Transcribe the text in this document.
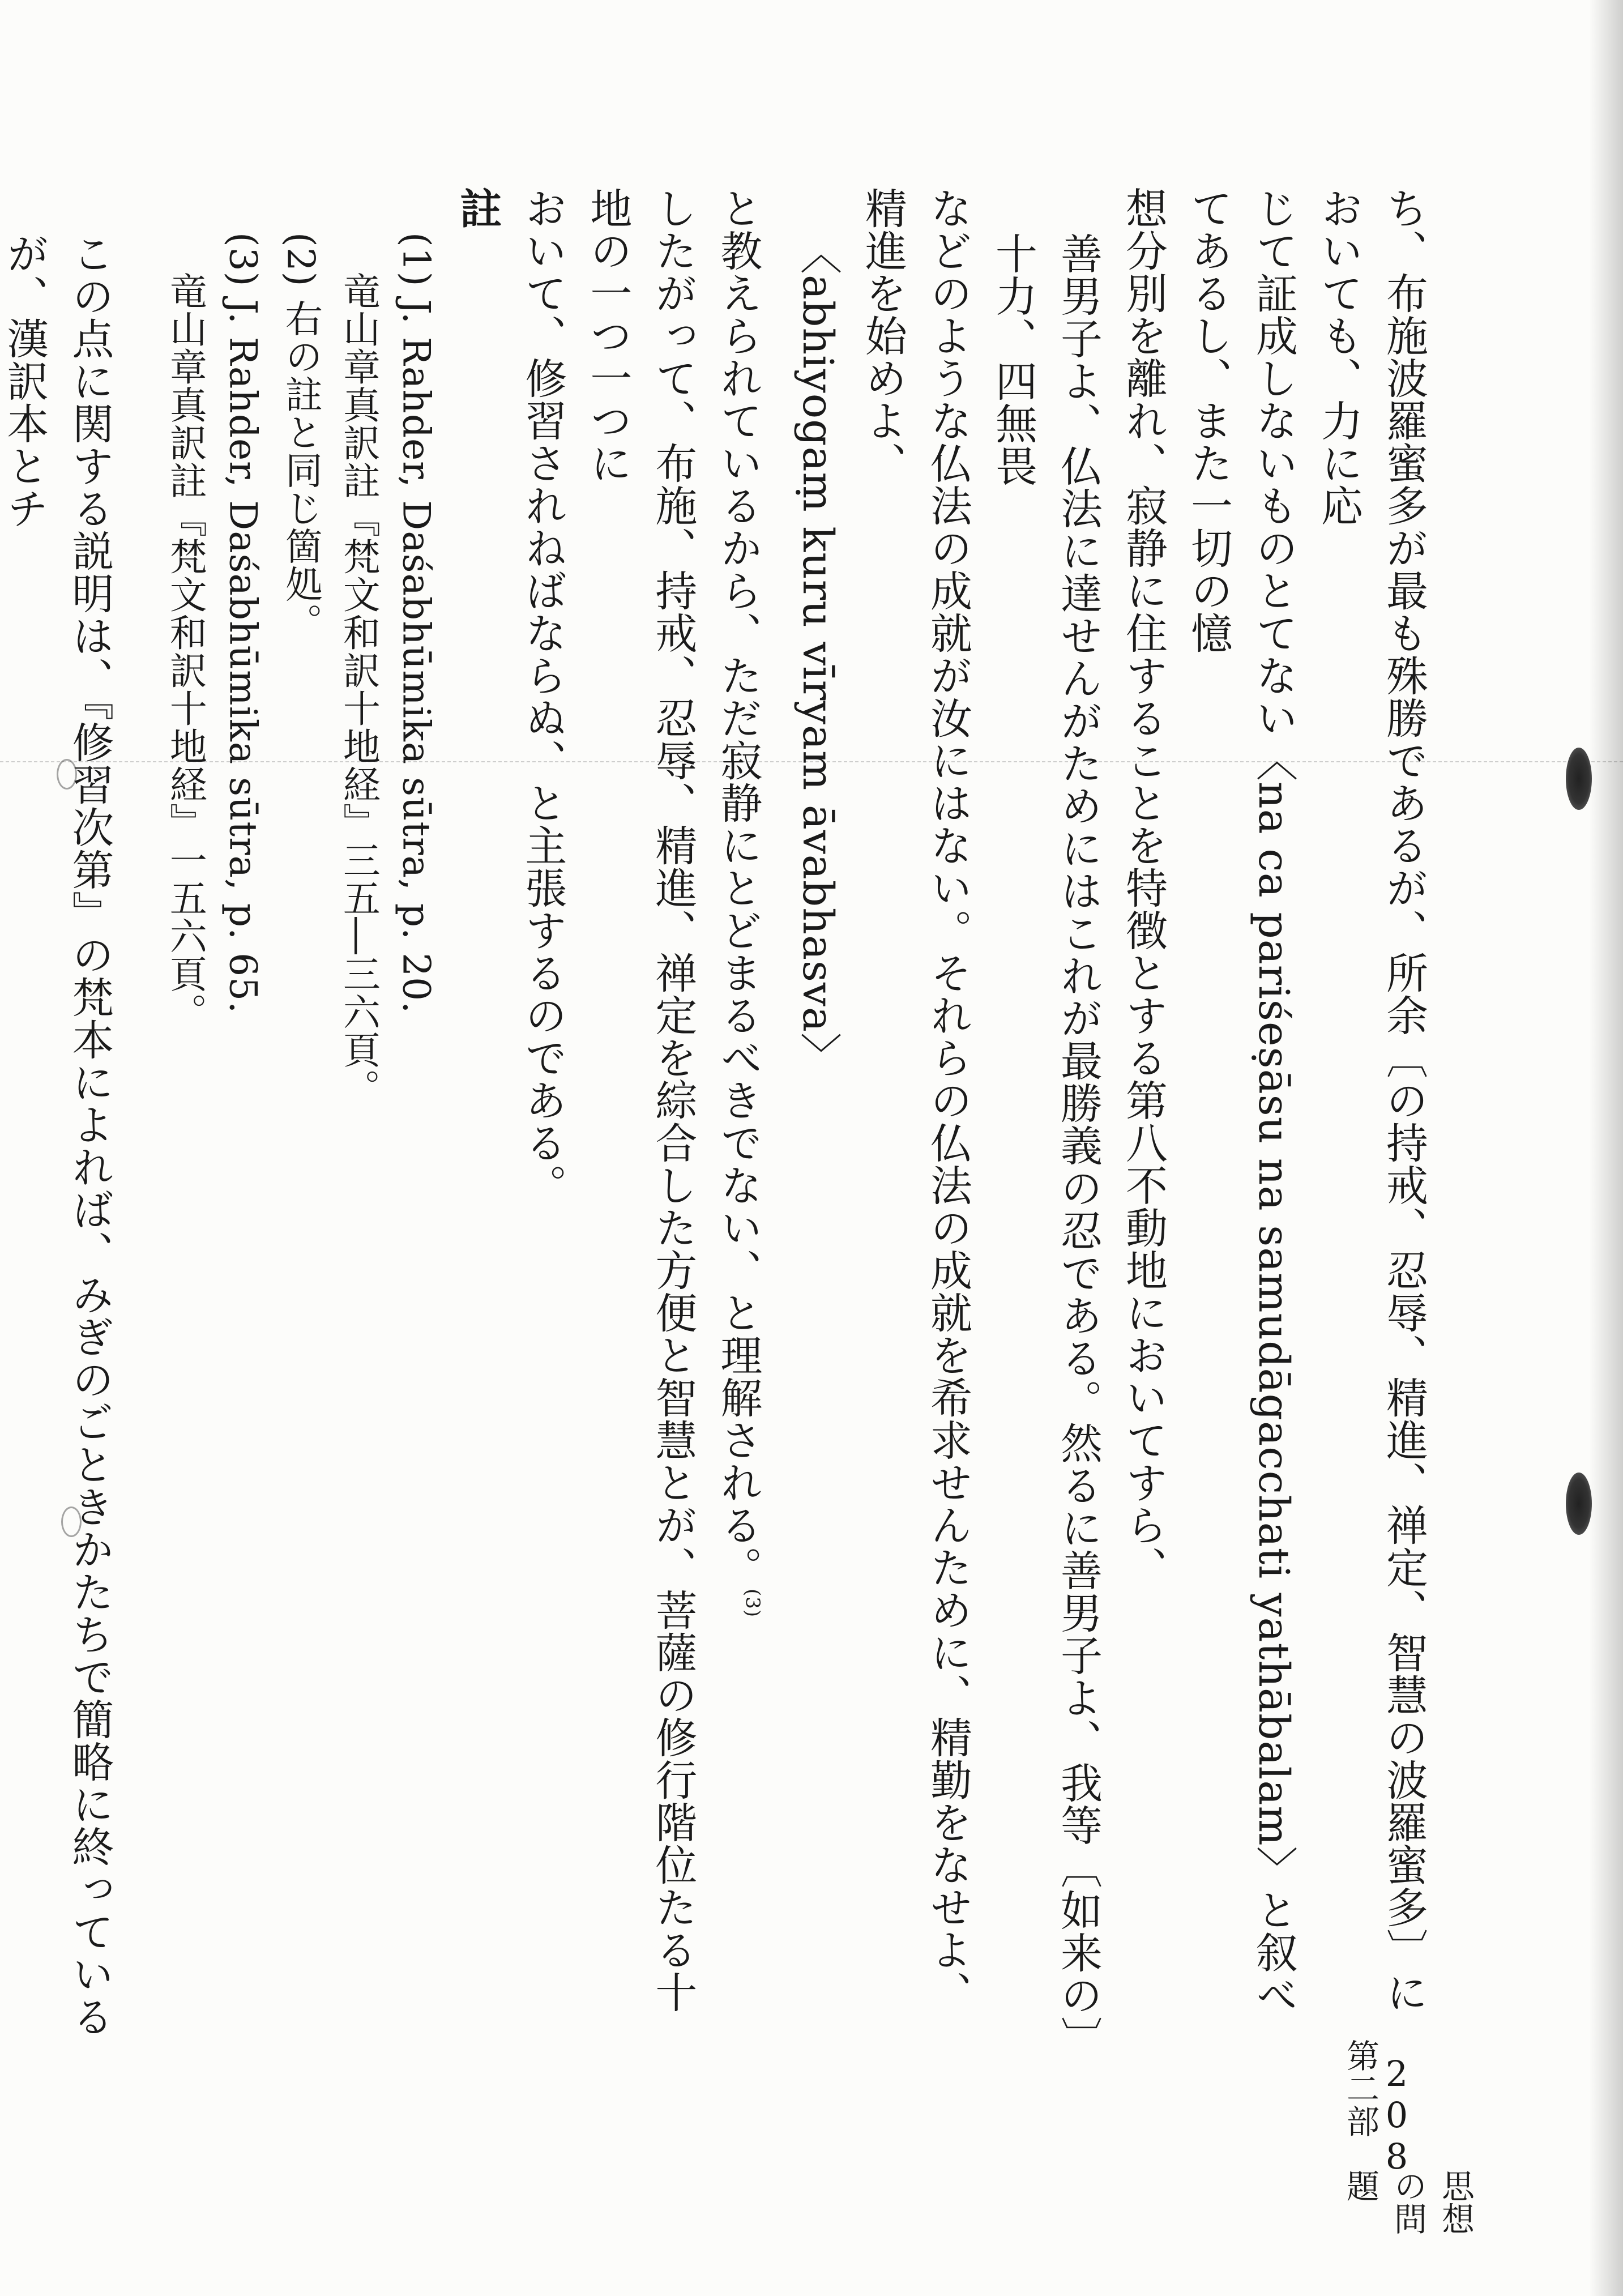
ち、布施波羅蜜多が最も殊勝であるが、所余〔の持戒、忍辱、精進、禅定、智慧の波羅蜜多〕においても、力に応
じて証成しないものとてない〈na ca pariśeṣāsu na samudāgacchati yathābalam〉と叙べてあるし、また一切の憶
想分別を離れ、寂静に住することを特徴とする第八不動地においてすら、
善男子よ、仏法に達せんがためにはこれが最勝義の忍である。然るに善男子よ、我等〔如来の〕十力、四無畏
などのような仏法の成就が汝にはない。それらの仏法の成就を希求せんために、精勤をなせよ、精進を始めよ、
〈abhiyogaṃ kuru vīryam āvabhasva〉
と教えられているから、ただ寂静にとどまるべきでない、と理解される。$^{(3)}$
したがって、布施、持戒、忍辱、精進、禅定を綜合した方便と智慧とが、菩薩の修行階位たる十地の一つ一つに
おいて、修習されねばならぬ、と主張するのである。
註
(1) J. Rahder, Daśabhūmika sūtra, p. 20.
竜山章真訳註『梵文和訳十地経』三五―三六頁。
(2) 右の註と同じ箇処。
(3) J. Rahder, Daśabhūmika sūtra, p. 65.
竜山章真訳註『梵文和訳十地経』一五六頁。
この点に関する説明は、『修習次第』の梵本によれば、みぎのごときかたちで簡略に終っているが、漢訳本とチ
第二部
思想の問題
208
